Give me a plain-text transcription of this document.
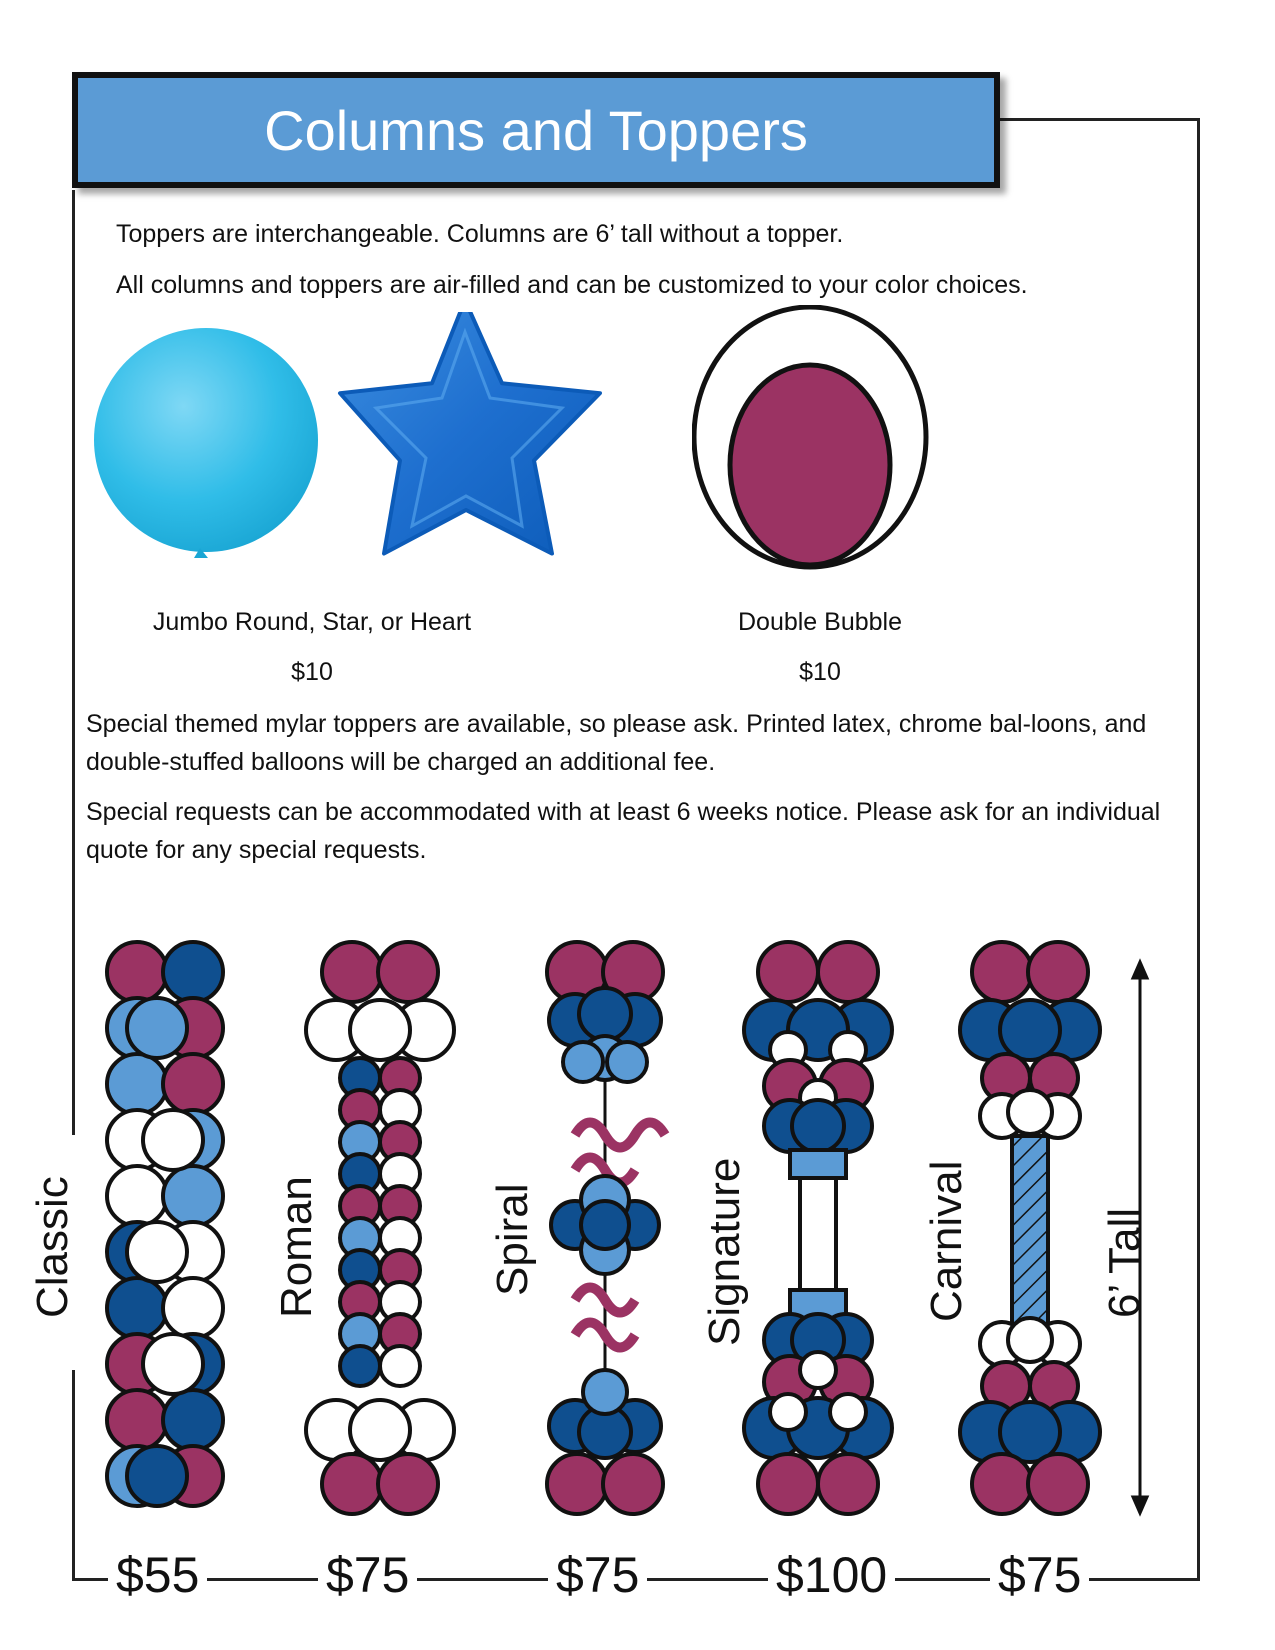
Columns and Toppers
Toppers are interchangeable. Columns are 6’ tall without a topper.
All columns and toppers are air-filled and can be customized to your color choices.
Jumbo Round, Star, or Heart
$10
Double Bubble
$10

Special themed mylar toppers are available, so please ask. Printed latex, chrome bal-loons, and double-stuffed balloons will be charged an additional fee.

Special requests can be accommodated with at least 6 weeks notice. Please ask for an individual quote for any special requests.

Classic	Roman	Spiral	Signature	Carnival	6’ Tall
$55	$75	$75	$100 $75
